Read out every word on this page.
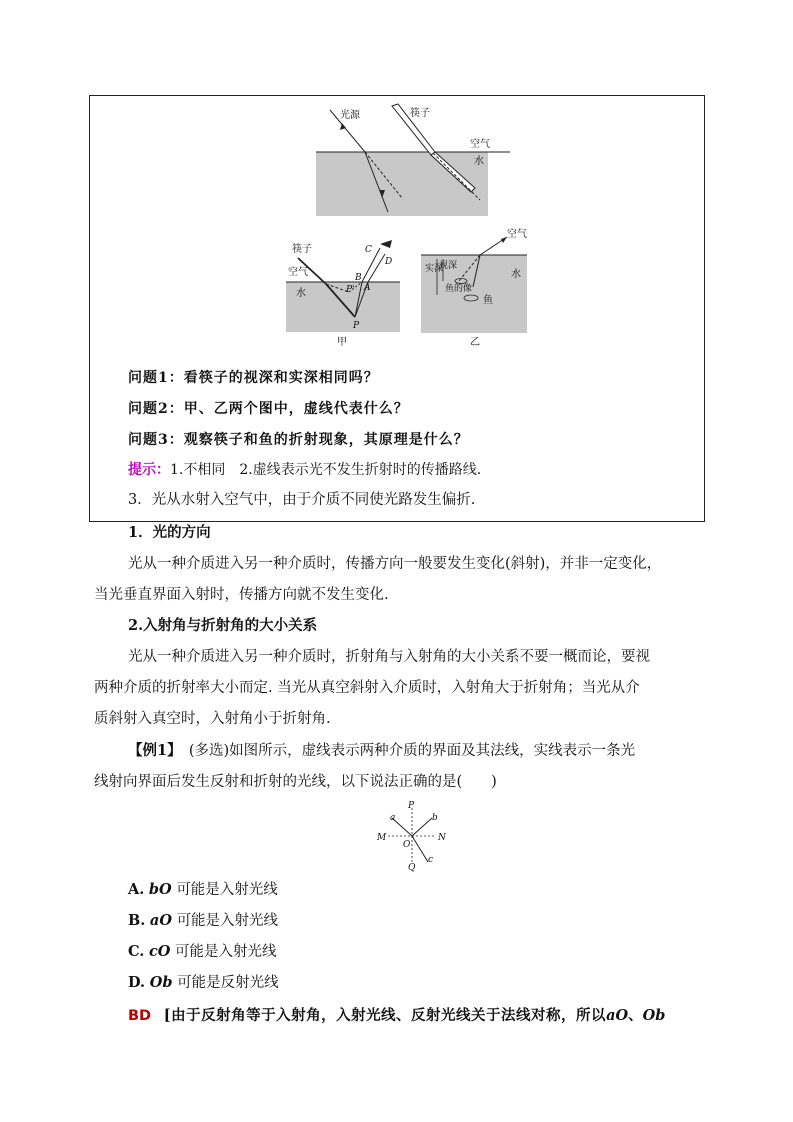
光源	筷子
空气
水
筷子
空气
水
C
D
B
P' A
P
甲
空气
水
视深
实深
鱼的像
鱼
乙
问题1：看筷子的视深和实深相同吗？
问题2：甲、乙两个图中，虚线代表什么？
问题3：观察筷子和鱼的折射现象，其原理是什么？
提示：1.不相同　2.虚线表示光不发生折射时的传播路线.
3．光从水射入空气中，由于介质不同使光路发生偏折.
1．光的方向
光从一种介质进入另一种介质时，传播方向一般要发生变化(斜射)，并非一定变化，
当光垂直界面入射时，传播方向就不发生变化.
2.入射角与折射角的大小关系
光从一种介质进入另一种介质时，折射角与入射角的大小关系不要一概而论，要视
两种介质的折射率大小而定. 当光从真空斜射入介质时，入射角大于折射角；当光从介
质斜射入真空时，入射角小于折射角.
【例1】　(多选)如图所示，虚线表示两种介质的界面及其法线，实线表示一条光
线射向界面后发生反射和折射的光线，以下说法正确的是(　　)
P
Q
M	N
O
a	b
c
A. bO 可能是入射光线
B. aO 可能是入射光线
C. cO 可能是入射光线
D. Ob 可能是反射光线
BD [由于反射角等于入射角，入射光线、反射光线关于法线对称，所以aO、Ob
